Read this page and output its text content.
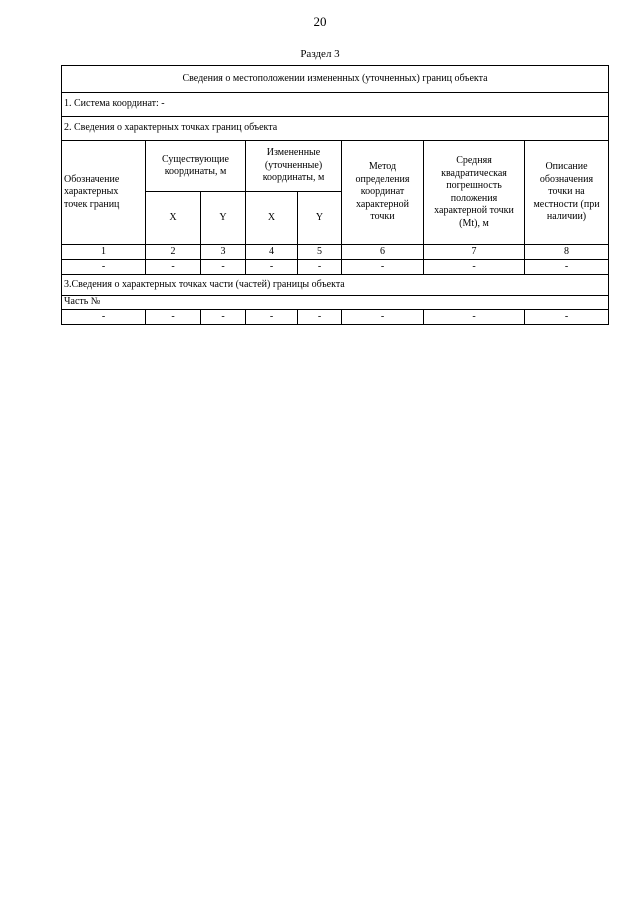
20
Раздел 3
Сведения о местоположении измененных (уточненных) границ объекта							
1. Система координат: -							
2. Сведения о характерных точках границ объекта							
Обозначение характерных точек границ	Существующие координаты, м		Измененные (уточненные) координаты, м		Метод определения координат характерной точки	Средняя квадратическая погрешность положения характерной точки (Mt), м	Описание обозначения точки на местности (при наличии)
	X	Y	X	Y			
1	2	3	4	5	6	7	8
-	-	-	-	-	-	-	-
3.Сведения о характерных точках части (частей) границы объекта							
Часть №							
-	-	-	-	-	-	-	-
